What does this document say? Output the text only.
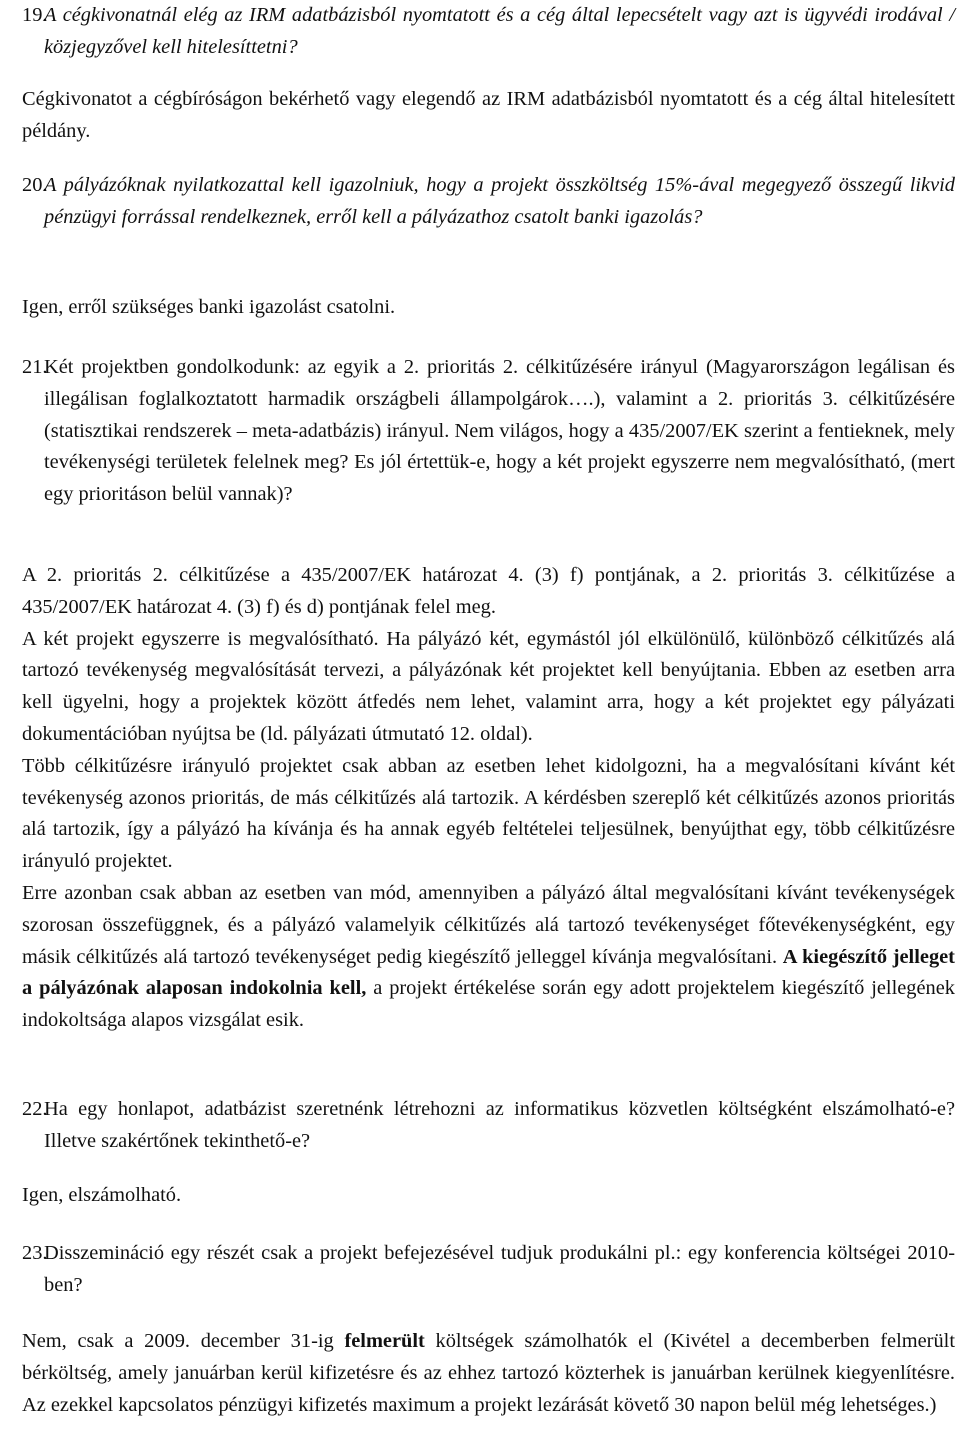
19.
A cégkivonatnál elég az IRM adatbázisból nyomtatott és a cég által lepecsételt vagy azt is ügyvédi irodával / közjegyzővel kell hitelesíttetni?

Cégkivonatot a cégbíróságon bekérhető vagy elegendő az IRM adatbázisból nyomtatott és a cég által hitelesített példány.

20.
A pályázóknak nyilatkozattal kell igazolniuk, hogy a projekt összköltség 15%-ával megegyező összegű likvid pénzügyi forrással rendelkeznek, erről kell a pályázathoz csatolt banki igazolás?

Igen, erről szükséges banki igazolást csatolni.

21.
Két projektben gondolkodunk: az egyik a 2. prioritás 2. célkitűzésére irányul (Magyarországon legálisan és illegálisan foglalkoztatott harmadik országbeli állampolgárok….), valamint a 2. prioritás 3. célkitűzésére (statisztikai rendszerek – meta-adatbázis) irányul. Nem világos, hogy a 435/2007/EK szerint a fentieknek, mely tevékenységi területek felelnek meg? Es jól értettük-e, hogy a két projekt egyszerre nem megvalósítható, (mert egy prioritáson belül vannak)?

A 2. prioritás 2. célkitűzése a 435/2007/EK határozat 4. (3) f) pontjának, a 2. prioritás 3. célkitűzése a 435/2007/EK határozat 4. (3) f) és d) pontjának felel meg.

A két projekt egyszerre is megvalósítható. Ha pályázó két, egymástól jól elkülönülő, különböző célkitűzés alá tartozó tevékenység megvalósítását tervezi, a pályázónak két projektet kell benyújtania. Ebben az esetben arra kell ügyelni, hogy a projektek között átfedés nem lehet, valamint arra, hogy a két projektet egy pályázati dokumentációban nyújtsa be (ld. pályázati útmutató 12. oldal).

Több célkitűzésre irányuló projektet csak abban az esetben lehet kidolgozni, ha a megvalósítani kívánt két tevékenység azonos prioritás, de más célkitűzés alá tartozik. A kérdésben szereplő két célkitűzés azonos prioritás alá tartozik, így a pályázó ha kívánja és ha annak egyéb feltételei teljesülnek, benyújthat egy, több célkitűzésre irányuló projektet.

Erre azonban csak abban az esetben van mód, amennyiben a pályázó által megvalósítani kívánt tevékenységek szorosan összefüggnek, és a pályázó valamelyik célkitűzés alá tartozó tevékenységet főtevékenységként, egy másik célkitűzés alá tartozó tevékenységet pedig kiegészítő jelleggel kívánja megvalósítani. A kiegészítő jelleget a pályázónak alaposan indokolnia kell, a projekt értékelése során egy adott projektelem kiegészítő jellegének indokoltsága alapos vizsgálat esik.

22.
Ha egy honlapot, adatbázist szeretnénk létrehozni az informatikus közvetlen költségként elszámolható-e? Illetve szakértőnek tekinthető-e?

Igen, elszámolható.

23.
Disszemináció egy részét csak a projekt befejezésével tudjuk produkálni pl.: egy konferencia költségei 2010-ben?

Nem, csak a 2009. december 31-ig felmerült költségek számolhatók el (Kivétel a decemberben felmerült bérköltség, amely januárban kerül kifizetésre és az ehhez tartozó közterhek is januárban kerülnek kiegyenlítésre. Az ezekkel kapcsolatos pénzügyi kifizetés maximum a projekt lezárását követő 30 napon belül még lehetséges.)
